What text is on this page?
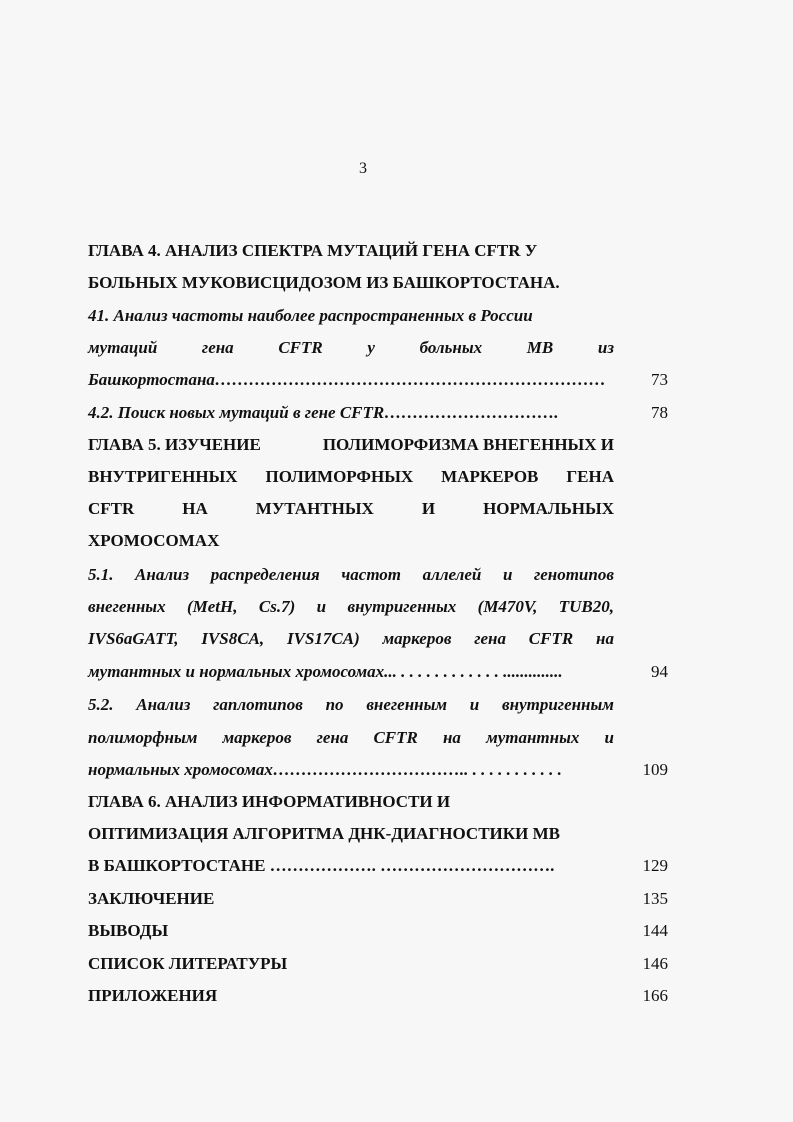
3
ГЛАВА 4. АНАЛИЗ СПЕКТРА МУТАЦИЙ ГЕНА CFTR У
БОЛЬНЫХ МУКОВИСЦИДОЗОМ ИЗ БАШКОРТОСТАНА.
41. Анализ частоты наиболее распространенных в России
мутаций	гена	CFTR	у	больных	МВ	из
Башкортостана……………………………………………………………	73
4.2. Поиск новых мутаций в гене CFTR………………………….	78
ГЛАВА 5. ИЗУЧЕНИЕ	ПОЛИМОРФИЗМА ВНЕГЕННЫХ И
ВНУТРИГЕННЫХ ПОЛИМОРФНЫХ МАРКЕРОВ ГЕНА
CFTR	НА	МУТАНТНЫХ	И	НОРМАЛЬНЫХ
ХРОМОСОМАХ
5.1. Анализ распределения частот аллелей и генотипов
внегенных (MetH, Cs.7) и внутригенных (M470V, TUB20,
IVS6aGATT, IVS8CA, IVS17CA) маркеров гена CFTR на
мутантных и нормальных хромосомах... . . . . . . . . . . . . ..............	94
5.2. Анализ гаплотипов по внегенным и внутригенным
полиморфным маркеров гена CFTR на мутантных и
нормальных хромосомах…………………………….. . . . . . . . . . . .	109
ГЛАВА 6. АНАЛИЗ ИНФОРМАТИВНОСТИ И
ОПТИМИЗАЦИЯ АЛГОРИТМА ДНК-ДИАГНОСТИКИ МВ
В БАШКОРТОСТАНЕ ………………. ………………………….	129
ЗАКЛЮЧЕНИЕ	135
ВЫВОДЫ	144
СПИСОК ЛИТЕРАТУРЫ	146
ПРИЛОЖЕНИЯ	166
